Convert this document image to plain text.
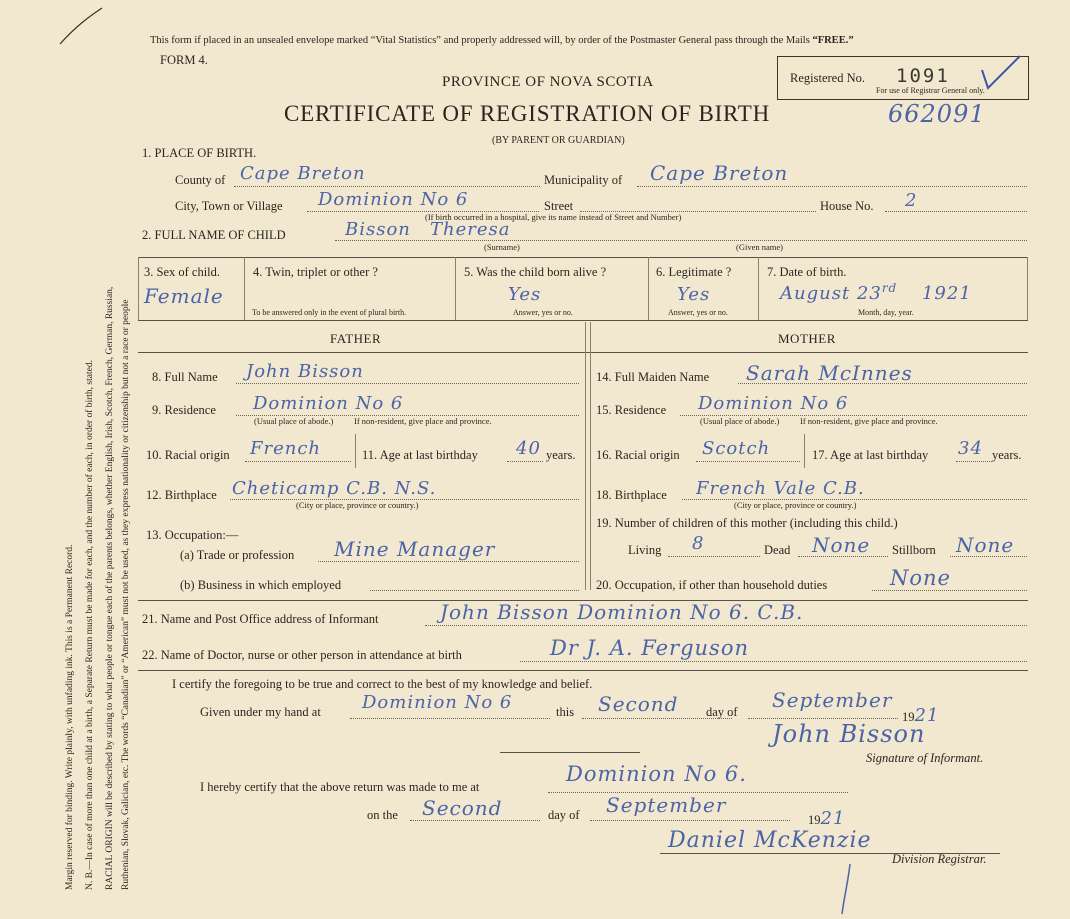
Margin reserved for binding. Write plainly, with unfading ink. This is a Permanent Record. N. B.—In case of more than one child at a birth, a Separate Return must be made for each, and the number of each, in order of birth, stated. RACIAL ORIGIN will be described by stating to what people or tongue each of the parents belongs, whether English, Irish, Scotch, French, German, Russian, Ruthenian, Slovak, Galician, etc. The words “Canadian” or “American” must not be used, as they express nationality or citizenship but not a race or people
This form if placed in an unsealed envelope marked “Vital Statistics” and properly addressed will, by order of the Postmaster General pass through the Mails “FREE.”
FORM 4.
PROVINCE OF NOVA SCOTIA
CERTIFICATE OF REGISTRATION OF BIRTH	662091
(BY PARENT OR GUARDIAN)
Registered No. 1091
For use of Registrar General only.
1. PLACE OF BIRTH.
County of Cape Breton	Municipality of Cape Breton
City, Town or Village Dominion No 6	Street	House No. 2
(If birth occurred in a hospital, give its name instead of Street and Number)
2. FULL NAME OF CHILD	Bisson Theresa
(Surname)	(Given name)
3. Sex of child.
Female
4. Twin, triplet or other ?
To be answered only in the event of plural birth.
5. Was the child born alive ?
Yes
Answer, yes or no.
6. Legitimate ?
Yes
Answer, yes or no.
7. Date of birth.
August 23rd 1921
Month, day, year.
FATHER	MOTHER
8. Full Name John Bisson
9. Residence Dominion No 6
(Usual place of abode.) If non-resident, give place and province.
10. Racial origin French	11. Age at last birthday 40 years.
12. Birthplace Cheticamp C.B. N.S.
(City or place, province or country.)
13. Occupation:—
(a) Trade or profession Mine Manager
(b) Business in which employed
14. Full Maiden Name Sarah McInnes
15. Residence Dominion No 6
(Usual place of abode.) If non-resident, give place and province.
16. Racial origin Scotch	17. Age at last birthday 34 years.
18. Birthplace French Vale C.B.
(City or place, province or country.)
19. Number of children of this mother (including this child.)
Living 8	Dead None Stillborn None
20. Occupation, if other than household duties	None
21. Name and Post Office address of Informant	John Bisson Dominion No 6. C.B.
22. Name of Doctor, nurse or other person in attendance at birth	Dr J. A. Ferguson
I certify the foregoing to be true and correct to the best of my knowledge and belief.
Given under my hand at Dominion No 6	this Second day of September
1921
John Bisson
Signature of Informant.
I hereby certify that the above return was made to me at
Dominion No 6.
on the Second	day of September
1921
Daniel McKenzie
Division Registrar.
